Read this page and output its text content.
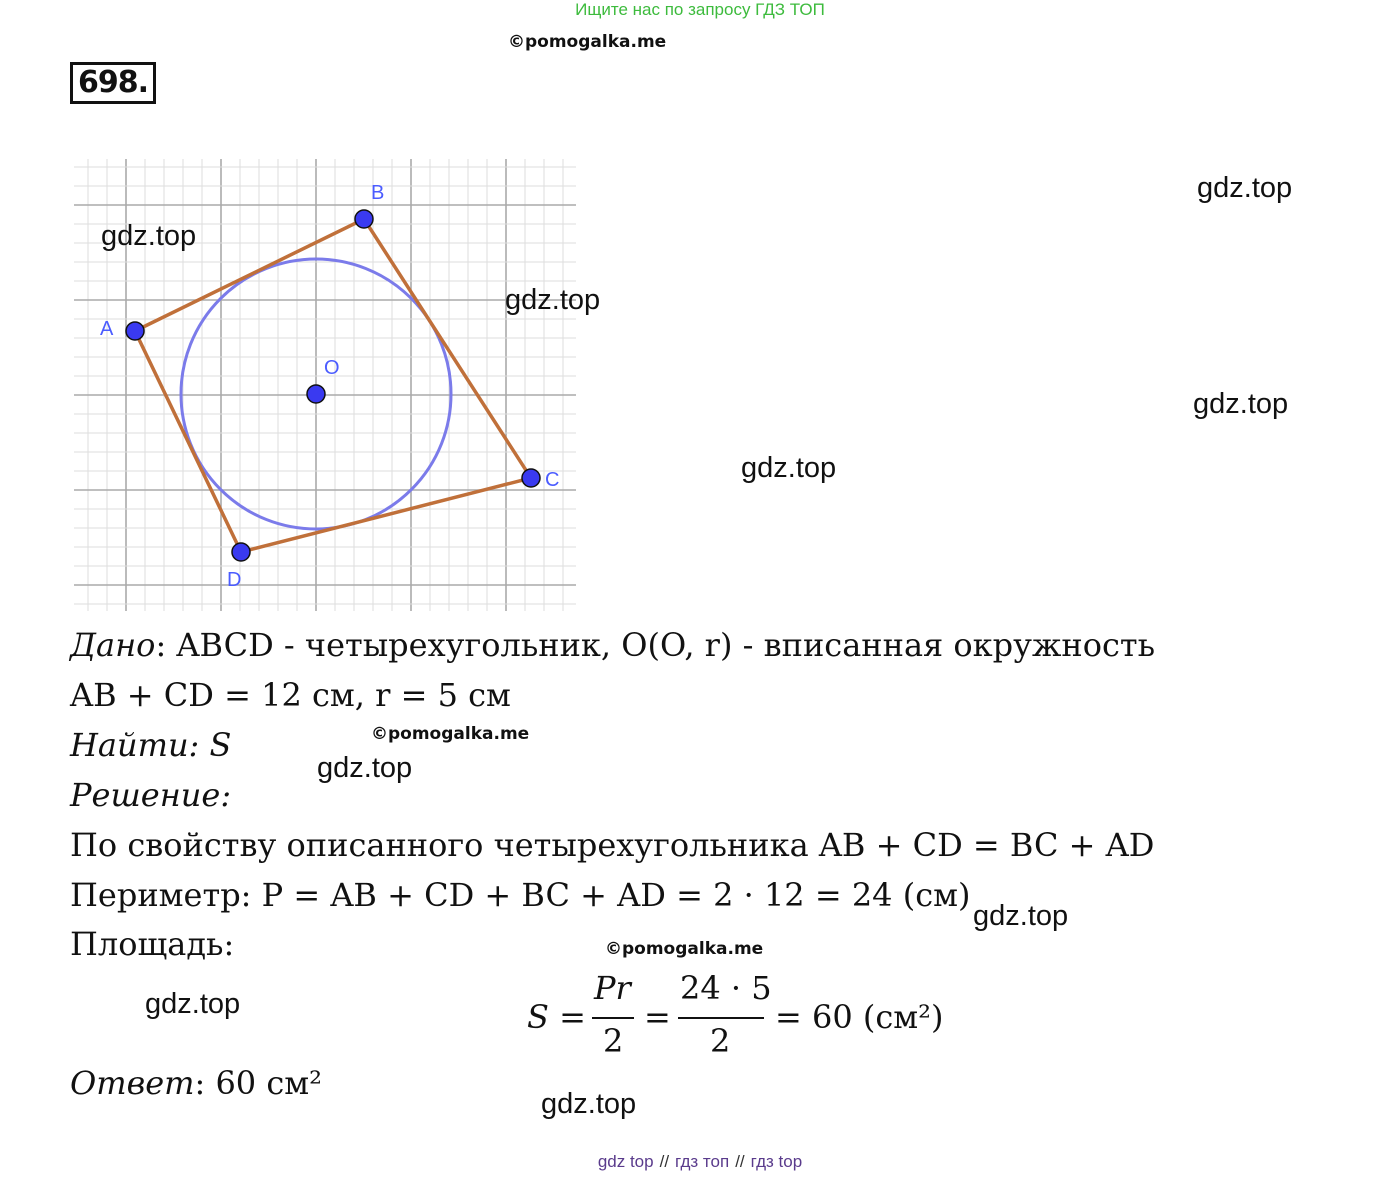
Ищите нас по запросу ГДЗ ТОП
©pomogalka.me
698.
A
B
C
D
O
gdz.top
gdz.top
gdz.top
gdz.top
gdz.top
gdz.top
gdz.top
gdz.top
gdz.top
©pomogalka.me
©pomogalka.me
Дано: ABCD - четырехугольник, O(O, r) - вписанная окружность
AB + CD = 12 см, r = 5 см
Найти: S
Решение:
По свойству описанного четырехугольника AB + CD = BC + AD
Периметр: P = AB + CD + BC + AD = 2 · 12 = 24 (см)
Площадь:
S =
Pr
2
=
24 · 5
2
= 60 (см²)
Ответ: 60 см²
gdz top // гдз топ // гдз top
